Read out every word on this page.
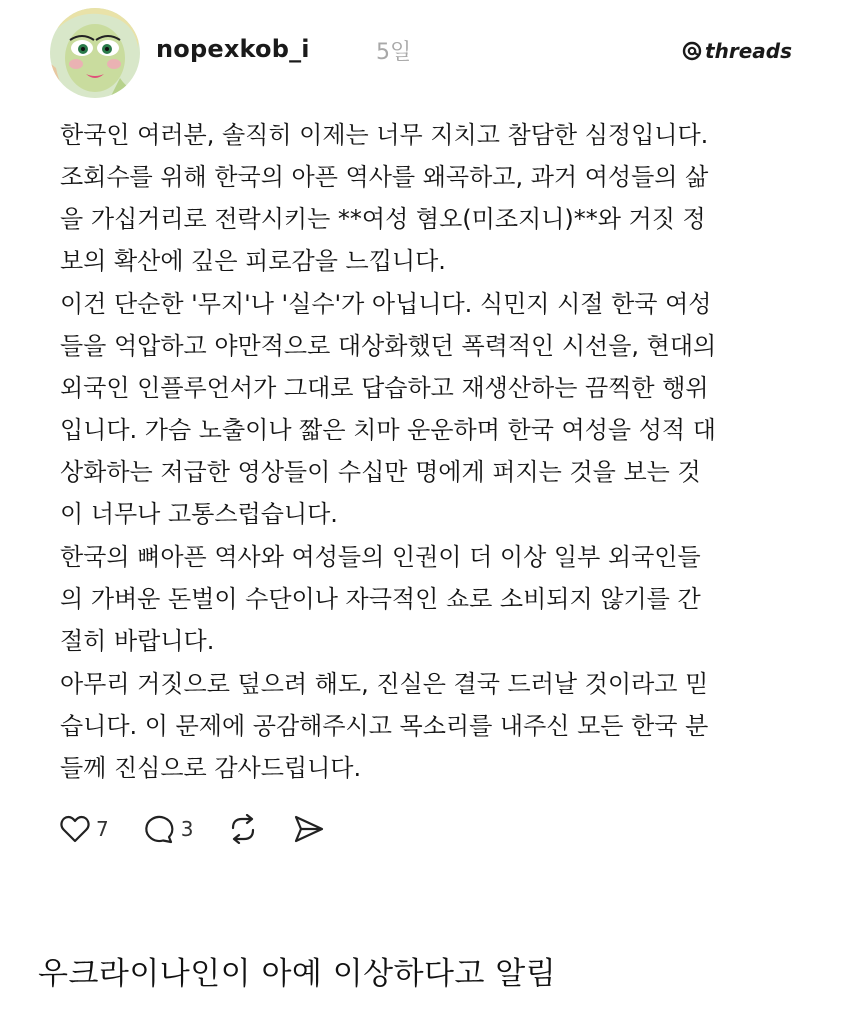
nopexkob_i	5일	threads

한국인 여러분, 솔직히 이제는 너무 지치고 참담한 심정입니다.
조회수를 위해 한국의 아픈 역사를 왜곡하고, 과거 여성들의 삶
을 가십거리로 전락시키는 **여성 혐오(미조지니)**와 거짓 정
보의 확산에 깊은 피로감을 느낍니다.

이건 단순한 '무지'나 '실수'가 아닙니다. 식민지 시절 한국 여성
들을 억압하고 야만적으로 대상화했던 폭력적인 시선을, 현대의
외국인 인플루언서가 그대로 답습하고 재생산하는 끔찍한 행위
입니다. 가슴 노출이나 짧은 치마 운운하며 한국 여성을 성적 대
상화하는 저급한 영상들이 수십만 명에게 퍼지는 것을 보는 것
이 너무나 고통스럽습니다.

한국의 뼈아픈 역사와 여성들의 인권이 더 이상 일부 외국인들
의 가벼운 돈벌이 수단이나 자극적인 쇼로 소비되지 않기를 간
절히 바랍니다.

아무리 거짓으로 덮으려 해도, 진실은 결국 드러날 것이라고 믿
습니다. 이 문제에 공감해주시고 목소리를 내주신 모든 한국 분
들께 진심으로 감사드립니다.

7	3
우크라이나인이 아예 이상하다고 알림
